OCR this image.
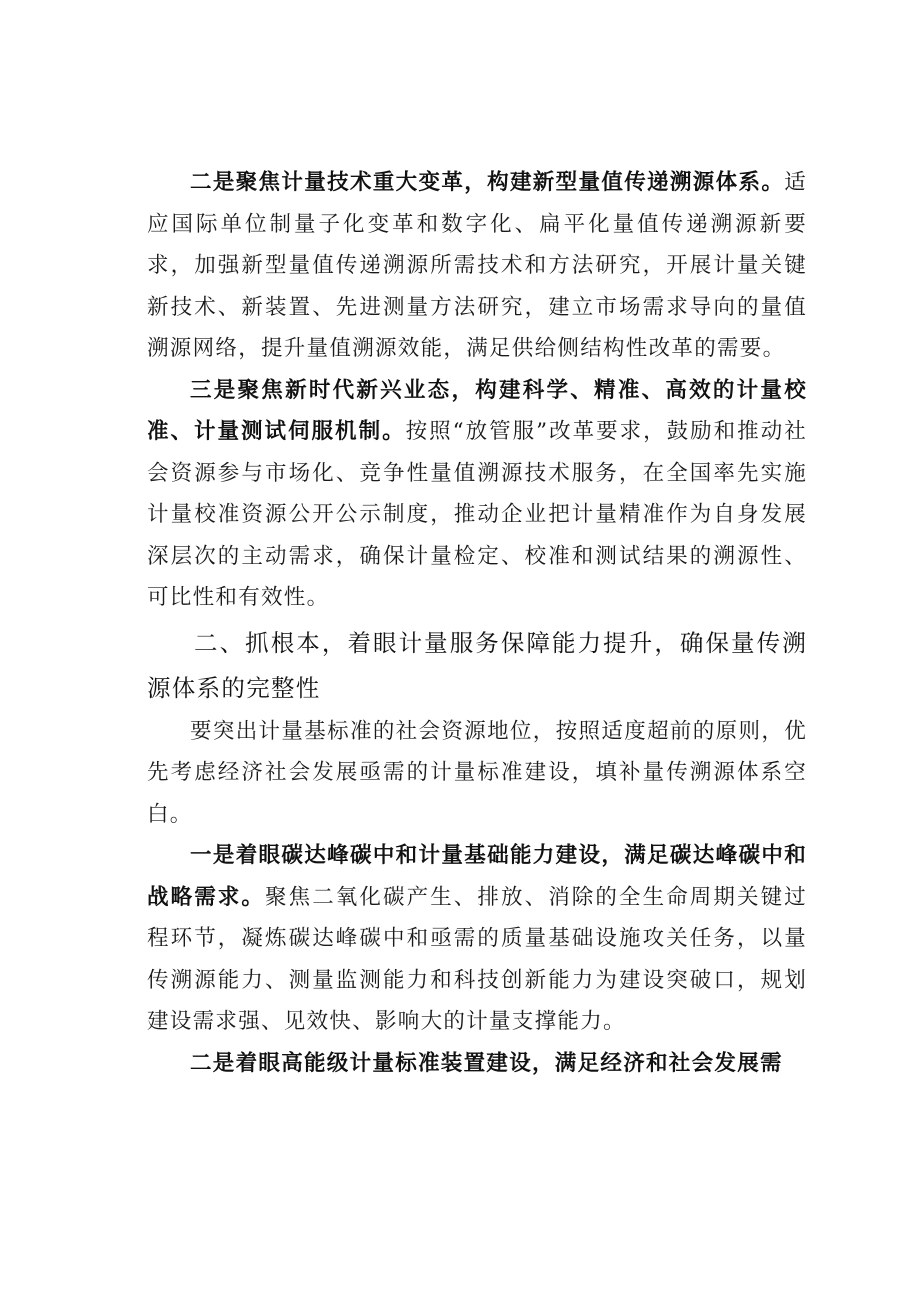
二是聚焦计量技术重大变革，构建新型量值传递溯源体系。适应国际单位制量子化变革和数字化、扁平化量值传递溯源新要求，加强新型量值传递溯源所需技术和方法研究，开展计量关键新技术、新装置、先进测量方法研究，建立市场需求导向的量值溯源网络，提升量值溯源效能，满足供给侧结构性改革的需要。

三是聚焦新时代新兴业态，构建科学、精准、高效的计量校准、计量测试伺服机制。按照“放管服”改革要求，鼓励和推动社会资源参与市场化、竞争性量值溯源技术服务，在全国率先实施计量校准资源公开公示制度，推动企业把计量精准作为自身发展深层次的主动需求，确保计量检定、校准和测试结果的溯源性、可比性和有效性。

二、抓根本，着眼计量服务保障能力提升，确保量传溯源体系的完整性

要突出计量基标准的社会资源地位，按照适度超前的原则，优先考虑经济社会发展亟需的计量标准建设，填补量传溯源体系空白。

一是着眼碳达峰碳中和计量基础能力建设，满足碳达峰碳中和战略需求。聚焦二氧化碳产生、排放、消除的全生命周期关键过程环节，凝炼碳达峰碳中和亟需的质量基础设施攻关任务，以量传溯源能力、测量监测能力和科技创新能力为建设突破口，规划建设需求强、见效快、影响大的计量支撑能力。

二是着眼高能级计量标准装置建设，满足经济和社会发展需
